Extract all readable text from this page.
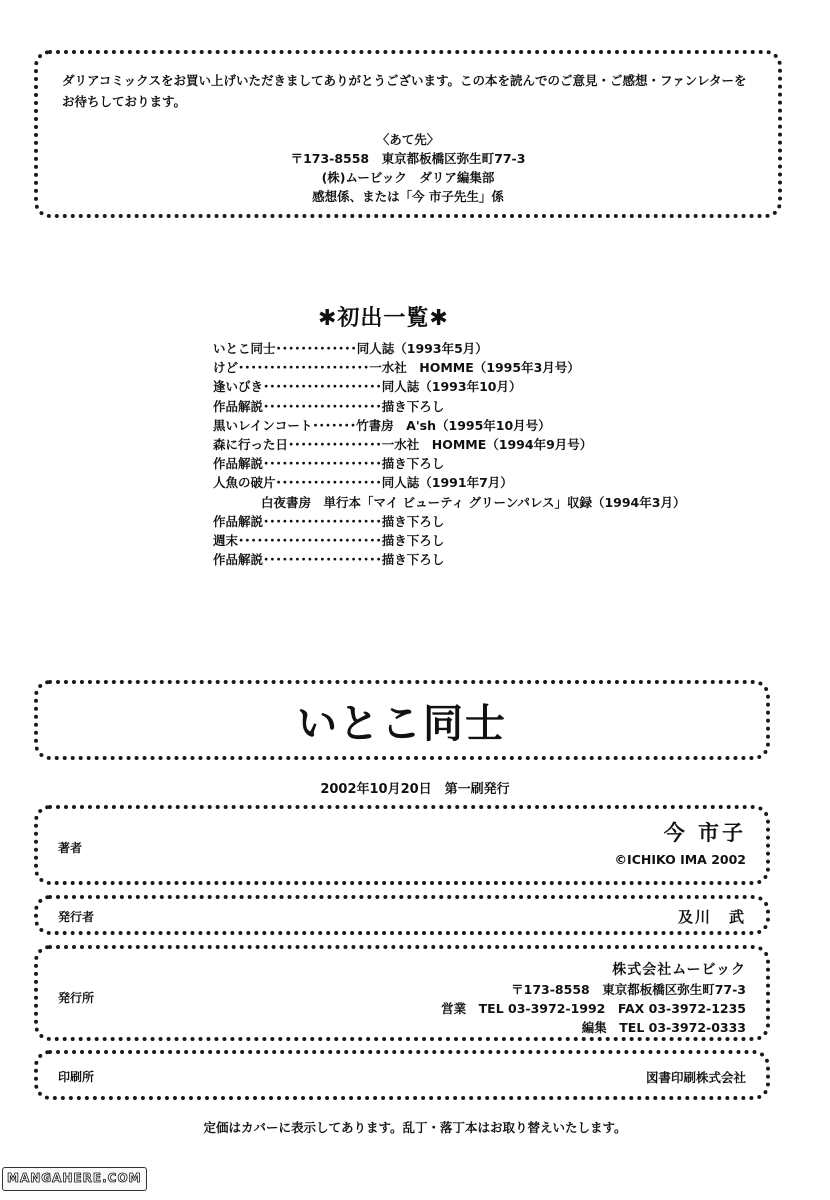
ダリアコミックスをお買い上げいただきましてありがとうございます。この本を読んでのご意見・ご感想・ファンレターをお待ちしております。
〈あて先〉
〒173-8558　東京都板橋区弥生町77-3
(株)ムービック　ダリア編集部
感想係、または「今 市子先生」係
✱初出一覧✱
いとこ同士 ･････････････ 同人誌（1993年5月）
けど ･････････････････････ 一水社　HOMME（1995年3月号）
逢いびき ･･･････････････････ 同人誌（1993年10月）
作品解説 ･･･････････････････ 描き下ろし
黒いレインコート ･･･････ 竹書房　A'sh（1995年10月号）
森に行った日 ･･･････････････ 一水社　HOMME（1994年9月号）
作品解説 ･･･････････････････ 描き下ろし
人魚の破片 ･････････････････ 同人誌（1991年7月）
白夜書房　単行本「マイ ビューティ グリーンパレス」収録（1994年3月）
作品解説 ･･･････････････････ 描き下ろし
週末 ･･･････････････････････ 描き下ろし
作品解説 ･･･････････････････ 描き下ろし
いとこ同士
2002年10月20日　第一刷発行
著者
今 市子
©ICHIKO IMA 2002
発行者	及川　武
発行所
株式会社ムービック
〒173-8558　東京都板橋区弥生町77-3
営業　TEL 03-3972-1992　FAX 03-3972-1235
編集　TEL 03-3972-0333
印刷所	図書印刷株式会社
定価はカバーに表示してあります。乱丁・落丁本はお取り替えいたします。
MANGAHERE.COM
